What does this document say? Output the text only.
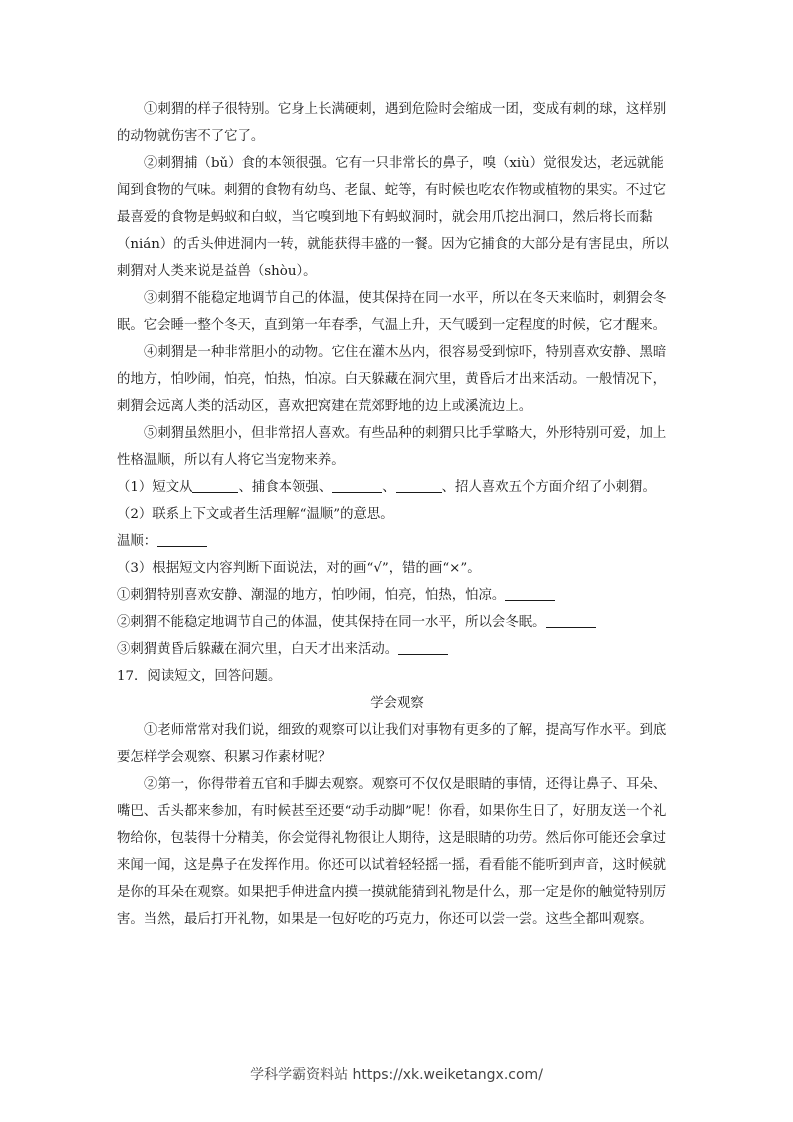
①刺猬的样子很特别。它身上长满硬刺，遇到危险时会缩成一团，变成有刺的球，这样别的动物就伤害不了它了。

②刺猬捕（bǔ）食的本领很强。它有一只非常长的鼻子，嗅（xiù）觉很发达，老远就能闻到食物的气味。刺猬的食物有幼鸟、老鼠、蛇等，有时候也吃农作物或植物的果实。不过它最喜爱的食物是蚂蚁和白蚁，当它嗅到地下有蚂蚁洞时，就会用爪挖出洞口，然后将长而黏（nián）的舌头伸进洞内一转，就能获得丰盛的一餐。因为它捕食的大部分是有害昆虫，所以刺猬对人类来说是益兽（shòu）。

③刺猬不能稳定地调节自己的体温，使其保持在同一水平，所以在冬天来临时，刺猬会冬眠。它会睡一整个冬天，直到第一年春季，气温上升，天气暖到一定程度的时候，它才醒来。

④刺猬是一种非常胆小的动物。它住在灌木丛内，很容易受到惊吓，特别喜欢安静、黑暗的地方，怕吵闹，怕亮，怕热，怕凉。白天躲藏在洞穴里，黄昏后才出来活动。一般情况下，刺猬会远离人类的活动区，喜欢把窝建在荒郊野地的边上或溪流边上。

⑤刺猬虽然胆小，但非常招人喜欢。有些品种的刺猬只比手掌略大，外形特别可爱，加上性格温顺，所以有人将它当宠物来养。

（1）短文从	、捕食本领强、	、	、招人喜欢五个方面介绍了小刺猬。

（2）联系上下文或者生活理解“温顺”的意思。

温顺：

（3）根据短文内容判断下面说法，对的画“√”，错的画“×”。

①刺猬特别喜欢安静、潮湿的地方，怕吵闹，怕亮，怕热，怕凉。

②刺猬不能稳定地调节自己的体温，使其保持在同一水平，所以会冬眠。

③刺猬黄昏后躲藏在洞穴里，白天才出来活动。

17．阅读短文，回答问题。

学会观察

①老师常常对我们说，细致的观察可以让我们对事物有更多的了解，提高写作水平。到底要怎样学会观察、积累习作素材呢？

②第一，你得带着五官和手脚去观察。观察可不仅仅是眼睛的事情，还得让鼻子、耳朵、嘴巴、舌头都来参加，有时候甚至还要“动手动脚”呢！你看，如果你生日了，好朋友送一个礼物给你，包装得十分精美，你会觉得礼物很让人期待，这是眼睛的功劳。然后你可能还会拿过来闻一闻，这是鼻子在发挥作用。你还可以试着轻轻摇一摇，看看能不能听到声音，这时候就是你的耳朵在观察。如果把手伸进盒内摸一摸就能猜到礼物是什么，那一定是你的触觉特别厉害。当然，最后打开礼物，如果是一包好吃的巧克力，你还可以尝一尝。这些全都叫观察。

学科学霸资料站 https://xk.weiketangx.com/
